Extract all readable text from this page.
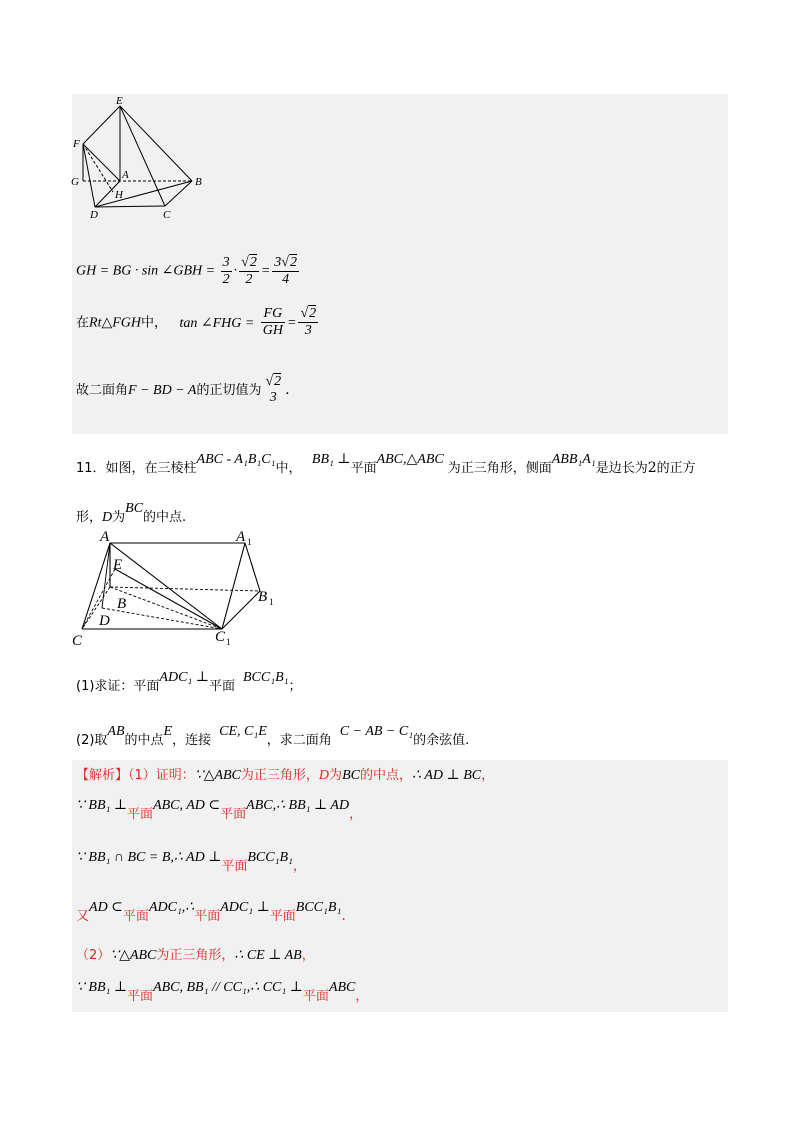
E
F
A
G
H
B
D	C
GH = BG · sin ∠GBH = $\frac{3}{2} \cdot \frac{√2}{2} = \frac{3√2}{4}$
在Rt△FGH中， tan ∠FHG = $\frac{FG}{GH} = \frac{√2}{3}$
故二面角F − BD − A的正切值为
√2
3 .
11．如图，在三棱柱ABC - A₁B₁C₁中， BB₁ ⊥平面ABC,△ABC为正三角形，侧面ABB₁A₁是边长为2的正方
形，D为BC的中点.
A	A 1
E
B	B 1
D
C	C 1
(1)求证：平面ADC₁ ⊥平面BCC₁B₁；
(2)取AB的中点E，连接CE, C₁E，求二面角C − AB − C₁的余弦值.
【解析】（1）证明：∵△ABC为正三角形，D为BC的中点，∴ AD ⊥ BC，
∵ BB₁ ⊥平面ABC, AD ⊂平面ABC,∴ BB₁ ⊥ AD，
∵ BB₁ ∩ BC = B,∴ AD ⊥平面BCC₁B₁，
又AD ⊂平面ADC₁,∴平面ADC₁ ⊥平面BCC₁B₁.
（2）∵△ABC为正三角形，∴ CE ⊥ AB，
∵ BB₁ ⊥平面ABC, BB₁ // CC₁,∴ CC₁ ⊥平面ABC，
